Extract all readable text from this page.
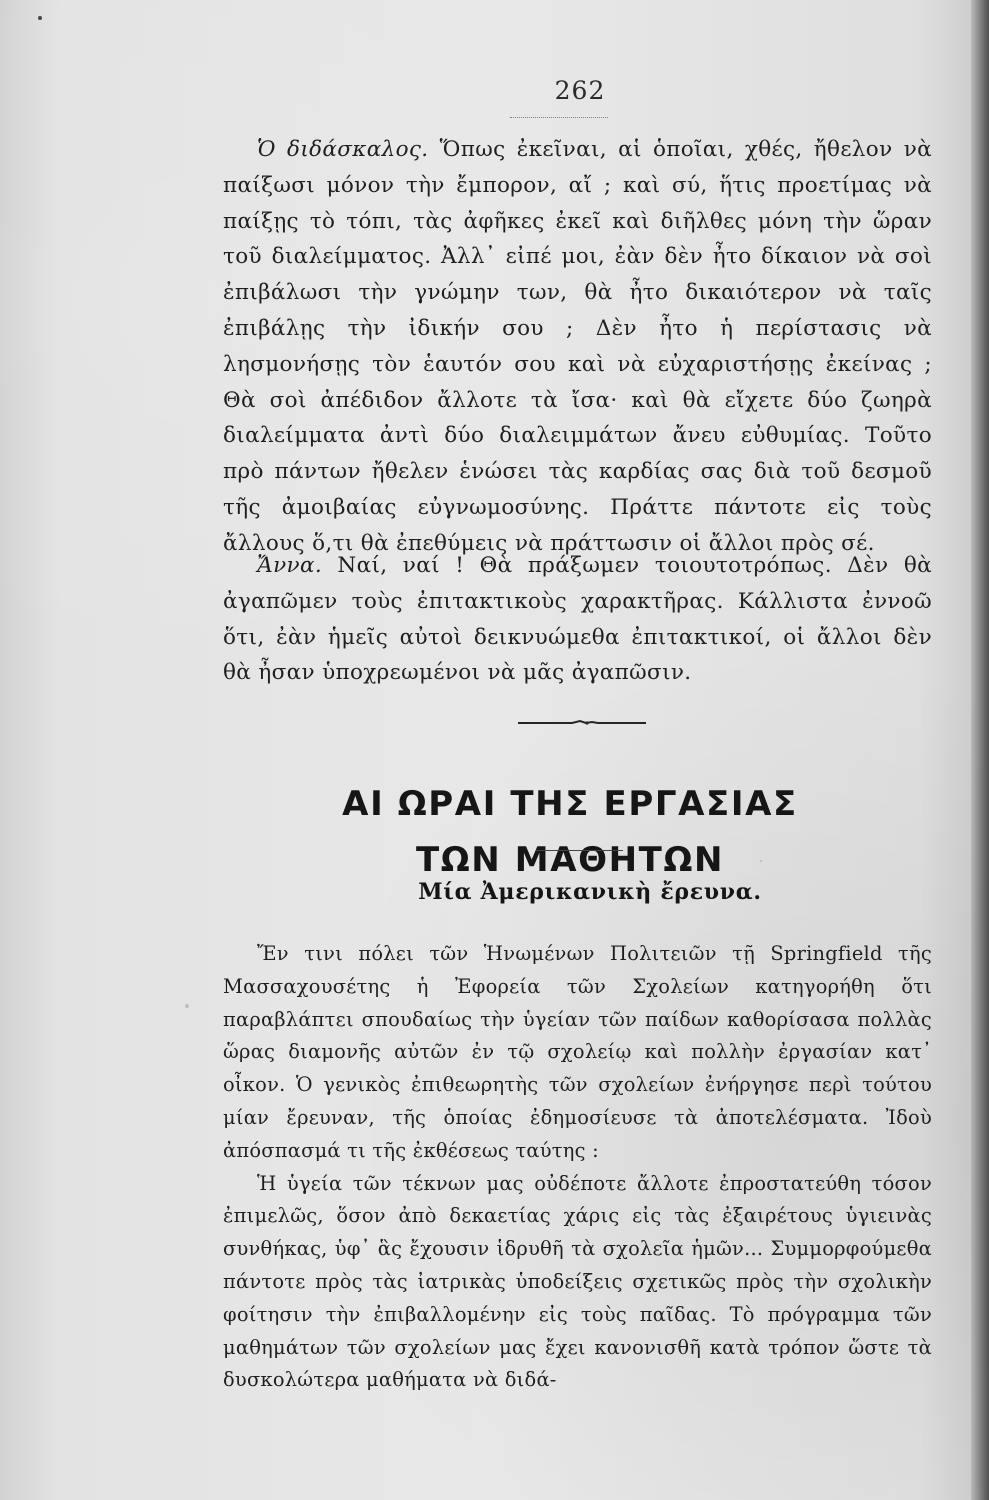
262

Ὁ διδάσκαλος. Ὅπως ἐκεῖναι, αἱ ὁποῖαι, χθές, ἤθελον νὰ παίξωσι μόνον τὴν ἔμπορον, αἴ ; καὶ σύ, ἥτις προετίμας νὰ παίξῃς τὸ τόπι, τὰς ἀφῆκες ἐκεῖ καὶ διῆλθες μόνη τὴν ὥραν τοῦ διαλείμματος. Ἀλλ᾽ εἰπέ μοι, ἐὰν δὲν ἦτο δίκαιον νὰ σοὶ ἐπιβάλωσι τὴν γνώμην των, θὰ ἦτο δικαιότερον νὰ ταῖς ἐπιβάλῃς τὴν ἰδικήν σου ; Δὲν ἦτο ἡ περίστασις νὰ λησμονήσῃς τὸν ἑαυτόν σου καὶ νὰ εὐχαριστήσῃς ἐκείνας ; Θὰ σοὶ ἀπέδιδον ἄλλοτε τὰ ἴσα· καὶ θὰ εἴχετε δύο ζωηρὰ διαλείμματα ἀντὶ δύο διαλειμμάτων ἄνευ εὐθυμίας. Τοῦτο πρὸ πάντων ἤθελεν ἑνώσει τὰς καρδίας σας διὰ τοῦ δεσμοῦ τῆς ἀμοιβαίας εὐγνωμοσύνης. Πράττε πάντοτε εἰς τοὺς ἄλλους ὅ,τι θὰ ἐπεθύμεις νὰ πράττωσιν οἱ ἄλλοι πρὸς σέ.

Ἄννα. Ναί, ναί ! Θὰ πράξωμεν τοιουτοτρόπως. Δὲν θὰ ἀγαπῶμεν τοὺς ἐπιτακτικοὺς χαρακτῆρας. Κάλλιστα ἐννοῶ ὅτι, ἐὰν ἡμεῖς αὐτοὶ δεικνυώμεθα ἐπιτακτικοί, οἱ ἄλλοι δὲν θὰ ἦσαν ὑποχρεωμένοι νὰ μᾶς ἀγαπῶσιν.

ΑΙ ΩΡΑΙ ΤΗΣ ΕΡΓΑΣΙΑΣ ΤΩΝ ΜΑΘΗΤΩΝ
Μία Ἀμερικανικὴ ἔρευνα.

Ἔν τινι πόλει τῶν Ἡνωμένων Πολιτειῶν τῇ Springfield τῆς Μασσαχουσέτης ἡ Ἐφορεία τῶν Σχολείων κατηγορήθη ὅτι παραβλάπτει σπουδαίως τὴν ὑγείαν τῶν παίδων καθορίσασα πολλὰς ὥρας διαμονῆς αὐτῶν ἐν τῷ σχολείῳ καὶ πολλὴν ἐργασίαν κατ᾽ οἶκον. Ὁ γενικὸς ἐπιθεωρητὴς τῶν σχολείων ἐνήργησε περὶ τούτου μίαν ἔρευναν, τῆς ὁποίας ἐδημοσίευσε τὰ ἀποτελέσματα. Ἰδοὺ ἀπόσπασμά τι τῆς ἐκθέσεως ταύτης :

Ἡ ὑγεία τῶν τέκνων μας οὐδέποτε ἄλλοτε ἐπροστατεύθη τόσον ἐπιμελῶς, ὅσον ἀπὸ δεκαετίας χάρις εἰς τὰς ἐξαιρέτους ὑγιεινὰς συνθήκας, ὑφ᾽ ἃς ἔχουσιν ἱδρυθῆ τὰ σχολεῖα ἡμῶν... Συμμορφούμεθα πάντοτε πρὸς τὰς ἰατρικὰς ὑποδείξεις σχετικῶς πρὸς τὴν σχολικὴν φοίτησιν τὴν ἐπιβαλλομένην εἰς τοὺς παῖδας. Τὸ πρόγραμμα τῶν μαθημάτων τῶν σχολείων μας ἔχει κανονισθῆ κατὰ τρόπον ὥστε τὰ δυσκολώτερα μαθήματα νὰ διδά-
